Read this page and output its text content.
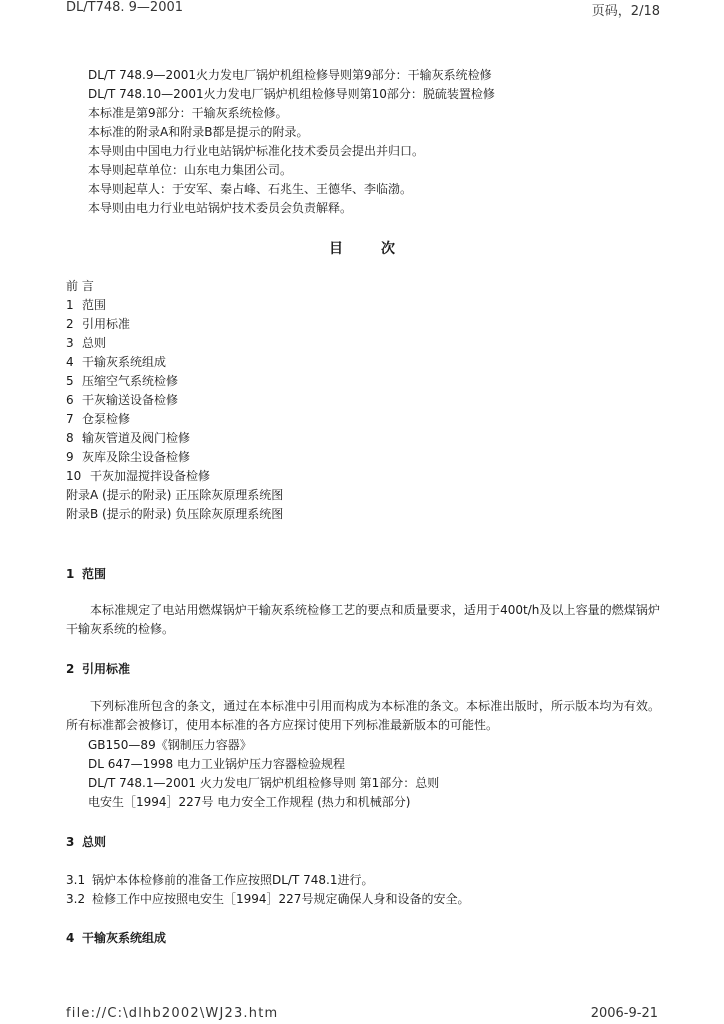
DL/T748. 9—2001	页码，2/18
DL/T 748.9—2001火力发电厂锅炉机组检修导则第9部分：干输灰系统检修
DL/T 748.10—2001火力发电厂锅炉机组检修导则第10部分：脱硫装置检修
本标准是第9部分：干输灰系统检修。
本标准的附录A和附录B都是提示的附录。
本导则由中国电力行业电站锅炉标准化技术委员会提出并归口。
本导则起草单位：山东电力集团公司。
本导则起草人：于安军、秦占峰、石兆生、王德华、李临渤。
本导则由电力行业电站锅炉技术委员会负责解释。
目次
前 言
1 范围
2 引用标准
3 总则
4 干输灰系统组成
5 压缩空气系统检修
6 干灰输送设备检修
7 仓泵检修
8 输灰管道及阀门检修
9 灰库及除尘设备检修
10 干灰加湿搅拌设备检修
附录A (提示的附录) 正压除灰原理系统图
附录B (提示的附录) 负压除灰原理系统图
1 范围
本标准规定了电站用燃煤锅炉干输灰系统检修工艺的要点和质量要求，适用于400t/h及以上容量的燃煤锅炉干输灰系统的检修。
2 引用标准
下列标准所包含的条文，通过在本标准中引用而构成为本标准的条文。本标准出版时，所示版本均为有效。所有标准都会被修订，使用本标准的各方应探讨使用下列标准最新版本的可能性。
GB150—89《钢制压力容器》
DL 647—1998 电力工业锅炉压力容器检验规程
DL/T 748.1—2001 火力发电厂锅炉机组检修导则 第1部分：总则
电安生［1994］227号 电力安全工作规程 (热力和机械部分)
3 总则
3.1 锅炉本体检修前的准备工作应按照DL/T 748.1进行。
3.2 检修工作中应按照电安生［1994］227号规定确保人身和设备的安全。
4 干输灰系统组成
file://C:\dlhb2002\WJ23.htm	2006-9-21
